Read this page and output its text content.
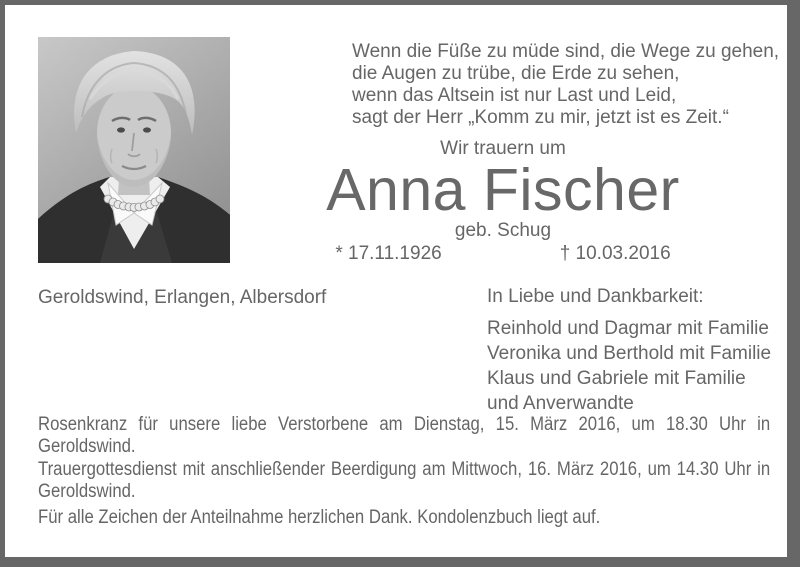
Wenn die Füße zu müde sind, die Wege zu gehen,
die Augen zu trübe, die Erde zu sehen,
wenn das Altsein ist nur Last und Leid,
sagt der Herr „Komm zu mir, jetzt ist es Zeit.“
Wir trauern um
Anna Fischer
geb. Schug
* 17.11.1926	† 10.03.2016
Geroldswind, Erlangen, Albersdorf	In Liebe und Dankbarkeit:
Reinhold und Dagmar mit Familie
Veronika und Berthold mit Familie
Klaus und Gabriele mit Familie
und Anverwandte

Rosenkranz für unsere liebe Verstorbene am Dienstag, 15. März 2016, um 18.30 Uhr in Geroldswind.

Trauergottesdienst mit anschließender Beerdigung am Mittwoch, 16. März 2016, um 14.30 Uhr in Geroldswind.

Für alle Zeichen der Anteilnahme herzlichen Dank. Kondolenzbuch liegt auf.
